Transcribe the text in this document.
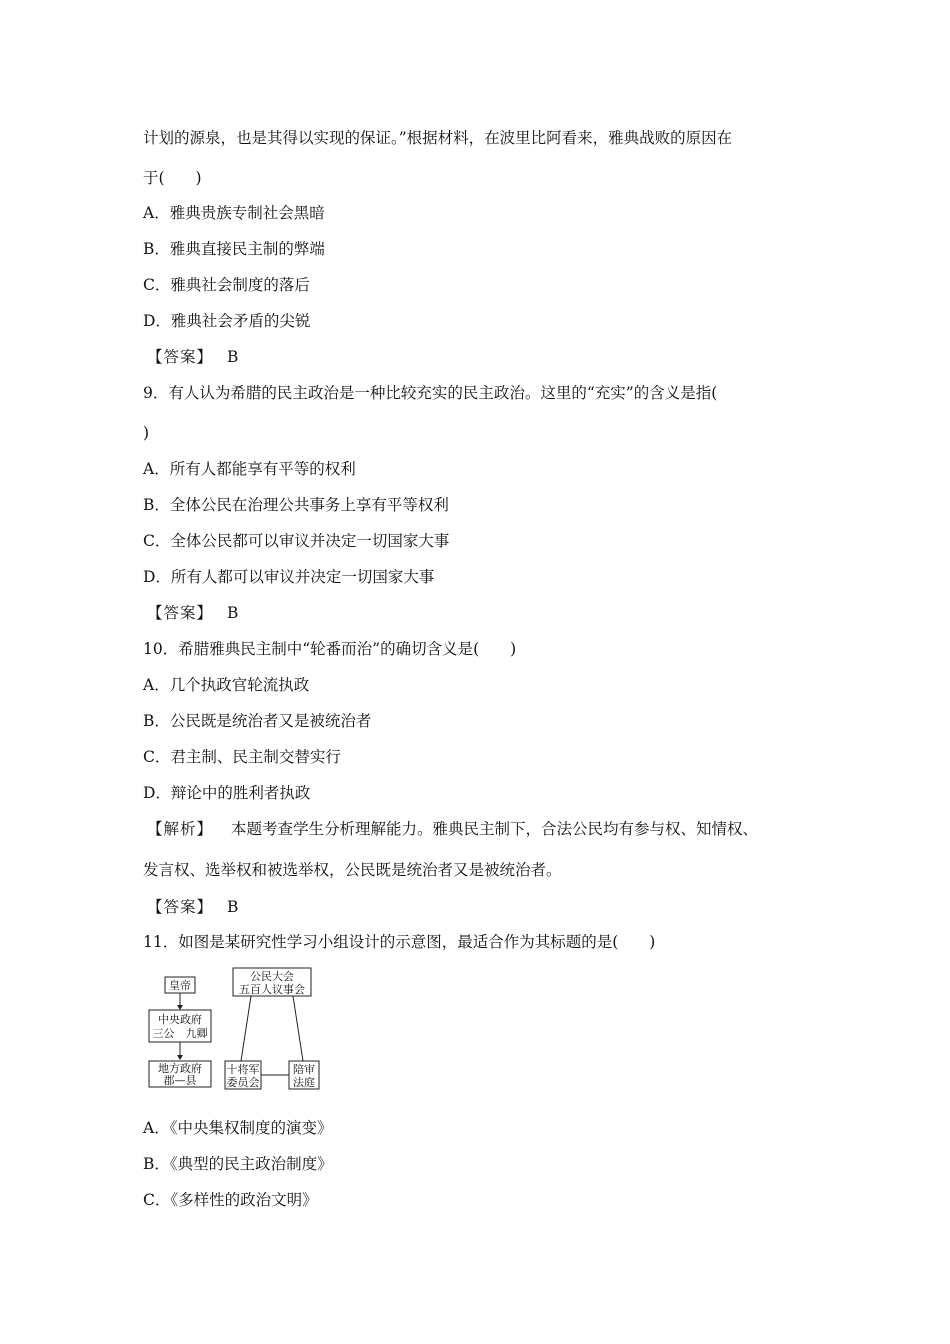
计划的源泉，也是其得以实现的保证。”根据材料，在波里比阿看来，雅典战败的原因在
于(　　)
A．雅典贵族专制社会黑暗
B．雅典直接民主制的弊端
C．雅典社会制度的落后
D．雅典社会矛盾的尖锐
【答案】 B
9．有人认为希腊的民主政治是一种比较充实的民主政治。这里的“充实”的含义是指(
)
A．所有人都能享有平等的权利
B．全体公民在治理公共事务上享有平等权利
C．全体公民都可以审议并决定一切国家大事
D．所有人都可以审议并决定一切国家大事
【答案】 B
10．希腊雅典民主制中“轮番而治”的确切含义是(　　)
A．几个执政官轮流执政
B．公民既是统治者又是被统治者
C．君主制、民主制交替实行
D．辩论中的胜利者执政
【解析】 本题考查学生分析理解能力。雅典民主制下，合法公民均有参与权、知情权、
发言权、选举权和被选举权，公民既是统治者又是被统治者。
【答案】 B
11．如图是某研究性学习小组设计的示意图，最适合作为其标题的是(　　)
皇帝
中央政府
三公　九卿
地方政府
郡—县
公民大会
五百人议事会
十将军
委员会
陪审
法庭
A．《中央集权制度的演变》
B．《典型的民主政治制度》
C．《多样性的政治文明》
